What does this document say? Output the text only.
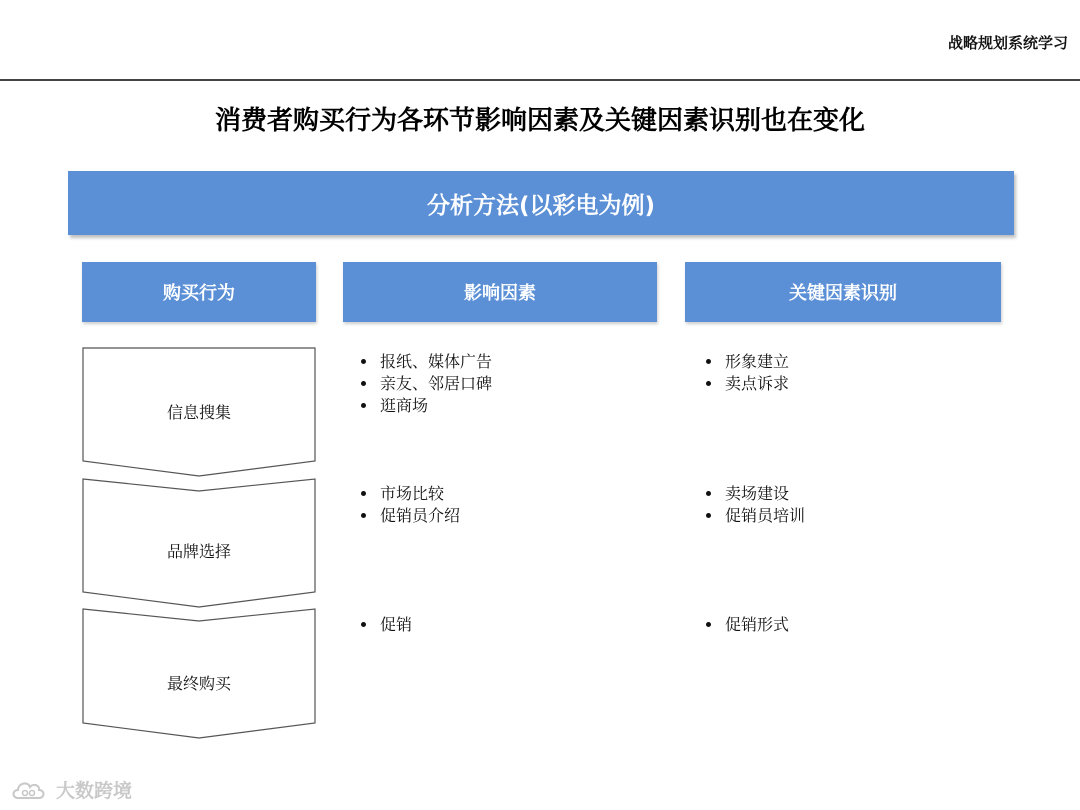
战略规划系统学习
消费者购买行为各环节影响因素及关键因素识别也在变化
分析方法(以彩电为例)
购买行为	影响因素	关键因素识别
信息搜集
• 报纸、媒体广告
• 亲友、邻居口碑
• 逛商场
• 形象建立
• 卖点诉求
品牌选择
• 市场比较
• 促销员介绍
• 卖场建设
• 促销员培训
最终购买
• 促销
•	促销形式
大数跨境
